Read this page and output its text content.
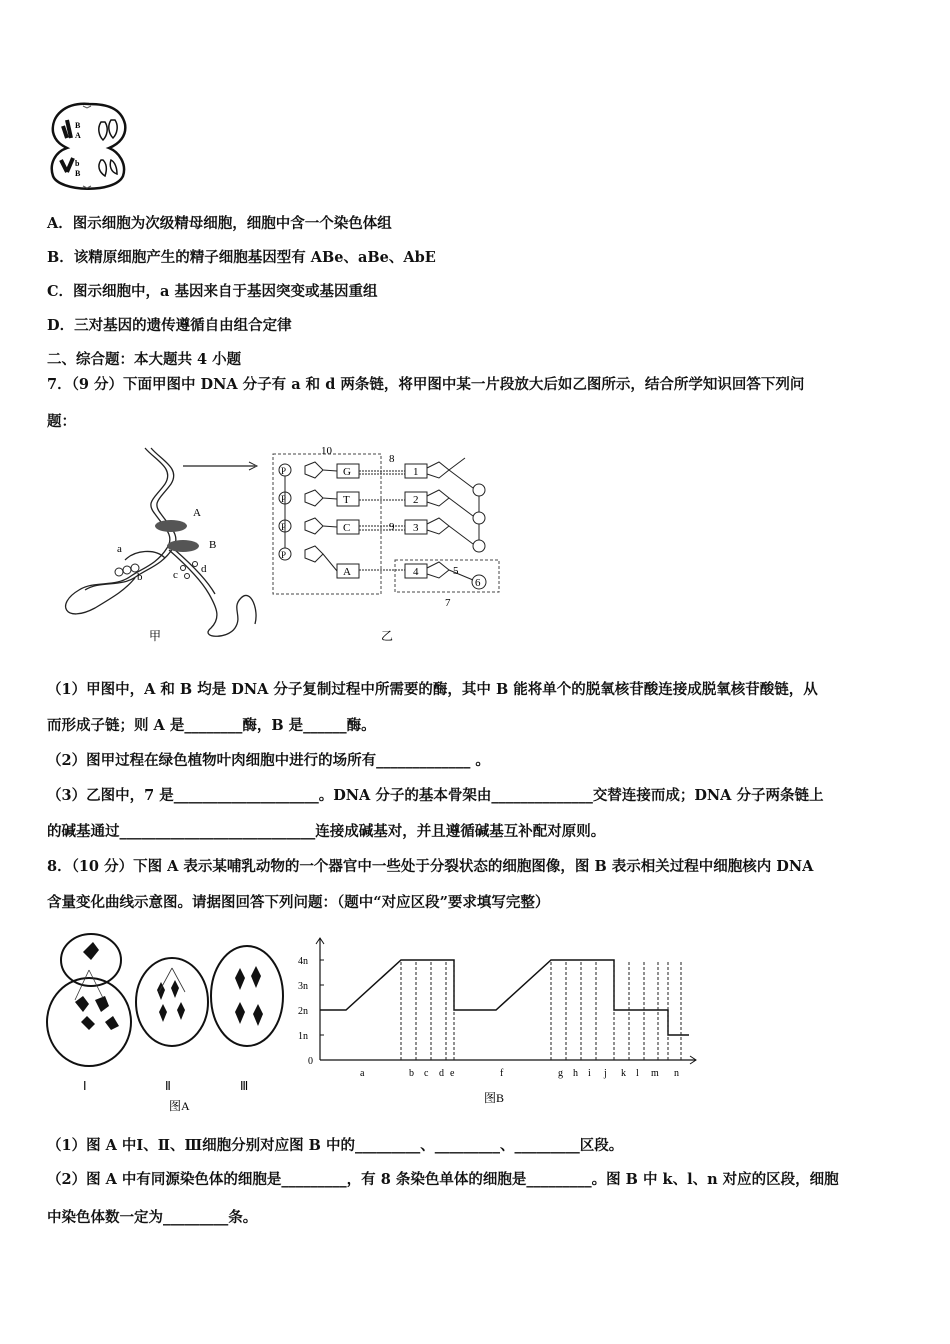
B
A
b
B
A．图示细胞为次级精母细胞，细胞中含一个染色体组
B．该精原细胞产生的精子细胞基因型有 ABe、aBe、AbE
C．图示细胞中，a 基因来自于基因突变或基因重组
D．三对基因的遗传遵循自由组合定律
二、综合题：本大题共 4 小题
7．（9 分）下面甲图中 DNA 分子有 a 和 d 两条链，将甲图中某一片段放大后如乙图所示，结合所学知识回答下列问
题：
A
B
a
b	c d
甲
10
P	G	1
P	T	2
P	C	3
P
A	4
8
9
5
6
7
乙
（1）甲图中，A 和 B 均是 DNA 分子复制过程中所需要的酶，其中 B 能将单个的脱氧核苷酸连接成脱氧核苷酸链，从
而形成子链；则 A 是________酶，B 是______酶。
（2）图甲过程在绿色植物叶肉细胞中进行的场所有_____________ 。
（3）乙图中，7 是____________________。DNA 分子的基本骨架由______________交替连接而成；DNA 分子两条链上
的碱基通过___________________________连接成碱基对，并且遵循碱基互补配对原则。
8．（10 分）下图 A 表示某哺乳动物的一个器官中一些处于分裂状态的细胞图像，图 B 表示相关过程中细胞核内 DNA
含量变化曲线示意图。请据图回答下列问题：（题中“对应区段”要求填写完整）
Ⅰ	Ⅱ	Ⅲ
图A
图B
0
1n
2n
3n
4n
a	b c d e	f	g h i j k l m n
（1）图 A 中Ⅰ、Ⅱ、Ⅲ细胞分别对应图 B 中的_________、_________、_________区段。
（2）图 A 中有同源染色体的细胞是_________，有 8 条染色单体的细胞是_________。图 B 中 k、l、n 对应的区段，细胞
中染色体数一定为_________条。
